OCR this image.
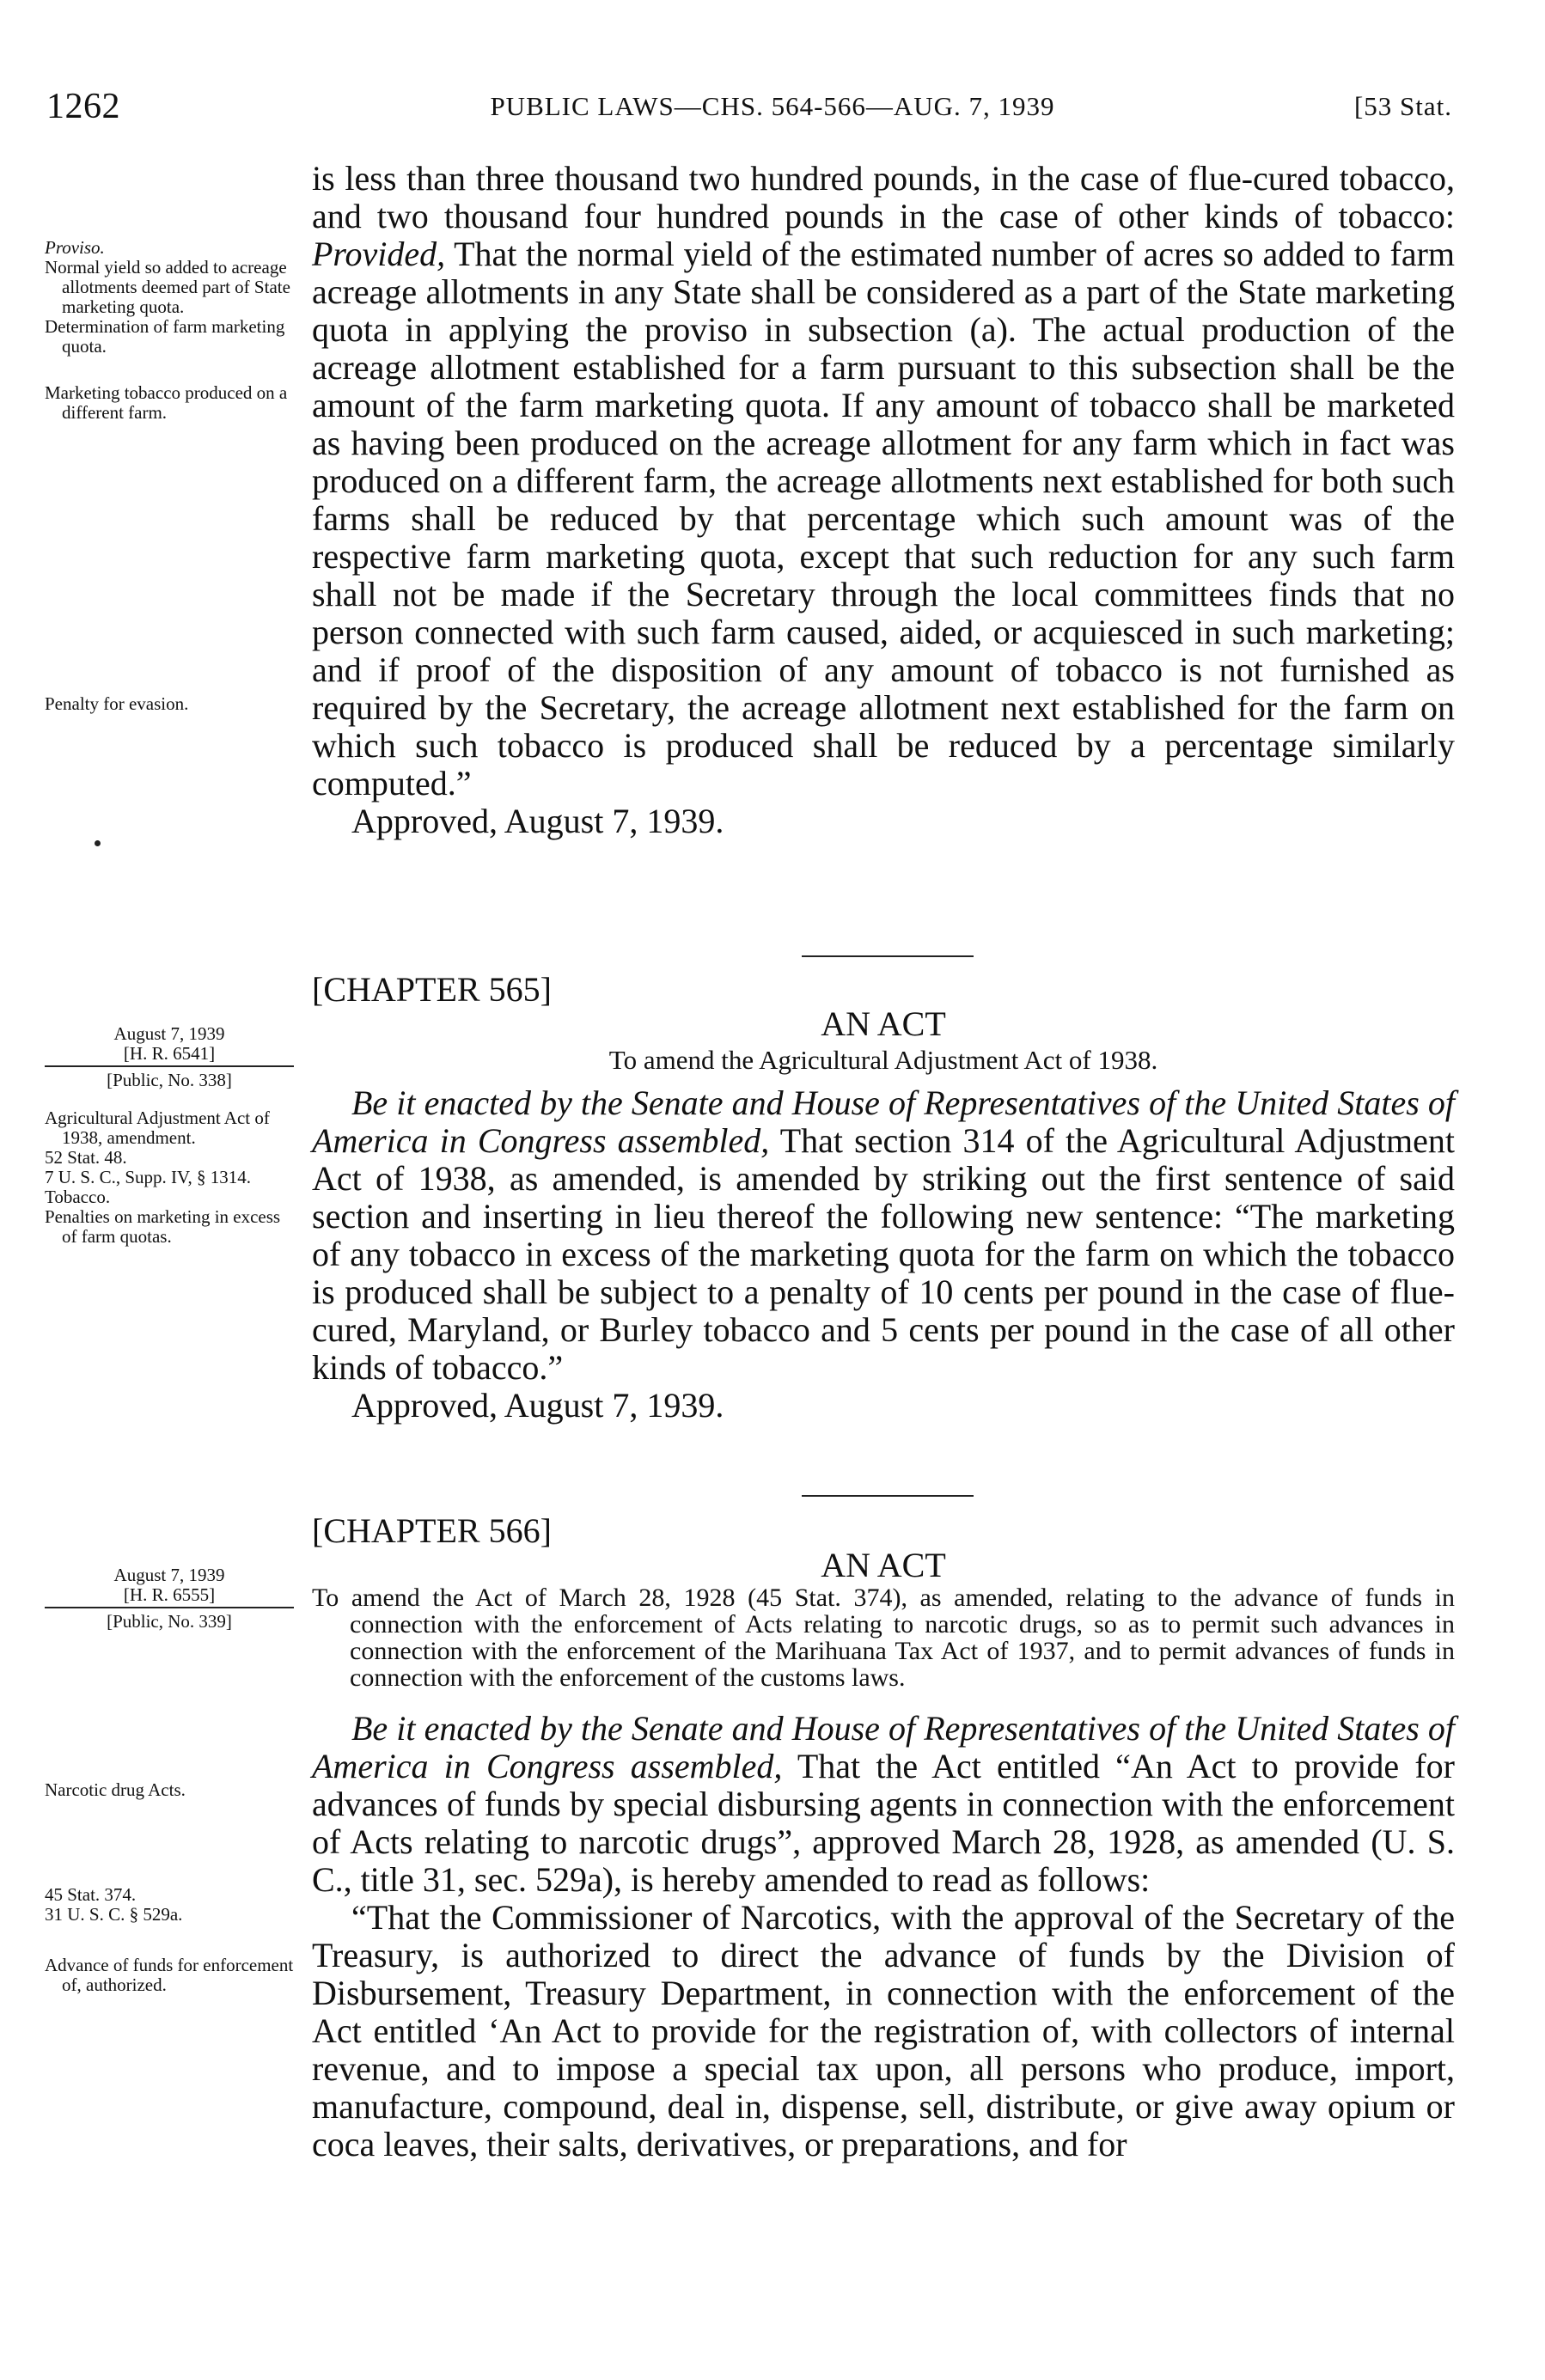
1262	PUBLIC LAWS—CHS. 564-566—AUG. 7, 1939	[53 Stat.

is less than three thousand two hundred pounds, in the case of flue-cured tobacco, and two thousand four hundred pounds in the case of other kinds of tobacco: Provided, That the normal yield of the estimated number of acres so added to farm acreage allotments in any State shall be considered as a part of the State marketing quota in applying the proviso in subsection (a). The actual production of the acreage allotment established for a farm pursuant to this subsection shall be the amount of the farm marketing quota. If any amount of tobacco shall be marketed as having been produced on the acreage allotment for any farm which in fact was produced on a different farm, the acreage allotments next established for both such farms shall be reduced by that percentage which such amount was of the respective farm marketing quota, except that such reduction for any such farm shall not be made if the Secretary through the local committees finds that no person connected with such farm caused, aided, or acquiesced in such marketing; and if proof of the disposition of any amount of tobacco is not furnished as required by the Secretary, the acreage allotment next established for the farm on which such tobacco is produced shall be reduced by a percentage similarly computed.”

Approved, August 7, 1939.

[CHAPTER 565]

AN ACT

To amend the Agricultural Adjustment Act of 1938.

Be it enacted by the Senate and House of Representatives of the United States of America in Congress assembled, That section 314 of the Agricultural Adjustment Act of 1938, as amended, is amended by striking out the first sentence of said section and inserting in lieu thereof the following new sentence: “The marketing of any tobacco in excess of the marketing quota for the farm on which the tobacco is produced shall be subject to a penalty of 10 cents per pound in the case of flue-cured, Maryland, or Burley tobacco and 5 cents per pound in the case of all other kinds of tobacco.”

Approved, August 7, 1939.

[CHAPTER 566]

AN ACT

To amend the Act of March 28, 1928 (45 Stat. 374), as amended, relating to the advance of funds in connection with the enforcement of Acts relating to narcotic drugs, so as to permit such advances in connection with the enforcement of the Marihuana Tax Act of 1937, and to permit advances of funds in connection with the enforcement of the customs laws.

Be it enacted by the Senate and House of Representatives of the United States of America in Congress assembled, That the Act entitled “An Act to provide for advances of funds by special disbursing agents in connection with the enforcement of Acts relating to narcotic drugs”, approved March 28, 1928, as amended (U. S. C., title 31, sec. 529a), is hereby amended to read as follows:

“That the Commissioner of Narcotics, with the approval of the Secretary of the Treasury, is authorized to direct the advance of funds by the Division of Disbursement, Treasury Department, in connection with the enforcement of the Act entitled ‘An Act to provide for the registration of, with collectors of internal revenue, and to impose a special tax upon, all persons who produce, import, manufacture, compound, deal in, dispense, sell, distribute, or give away opium or coca leaves, their salts, derivatives, or preparations, and for

Proviso.

Normal yield so added to acreage allotments deemed part of State marketing quota.

Determination of farm marketing quota.

Marketing tobacco produced on a different farm.

Penalty for evasion.

August 7, 1939

[H. R. 6541]

[Public, No. 338]

Agricultural Adjustment Act of 1938, amendment.

52 Stat. 48.

7 U. S. C., Supp. IV, § 1314.

Tobacco.

Penalties on marketing in excess of farm quotas.

August 7, 1939

[H. R. 6555]

[Public, No. 339]

Narcotic drug Acts.

45 Stat. 374.

31 U. S. C. § 529a.

Advance of funds for enforcement of, authorized.
